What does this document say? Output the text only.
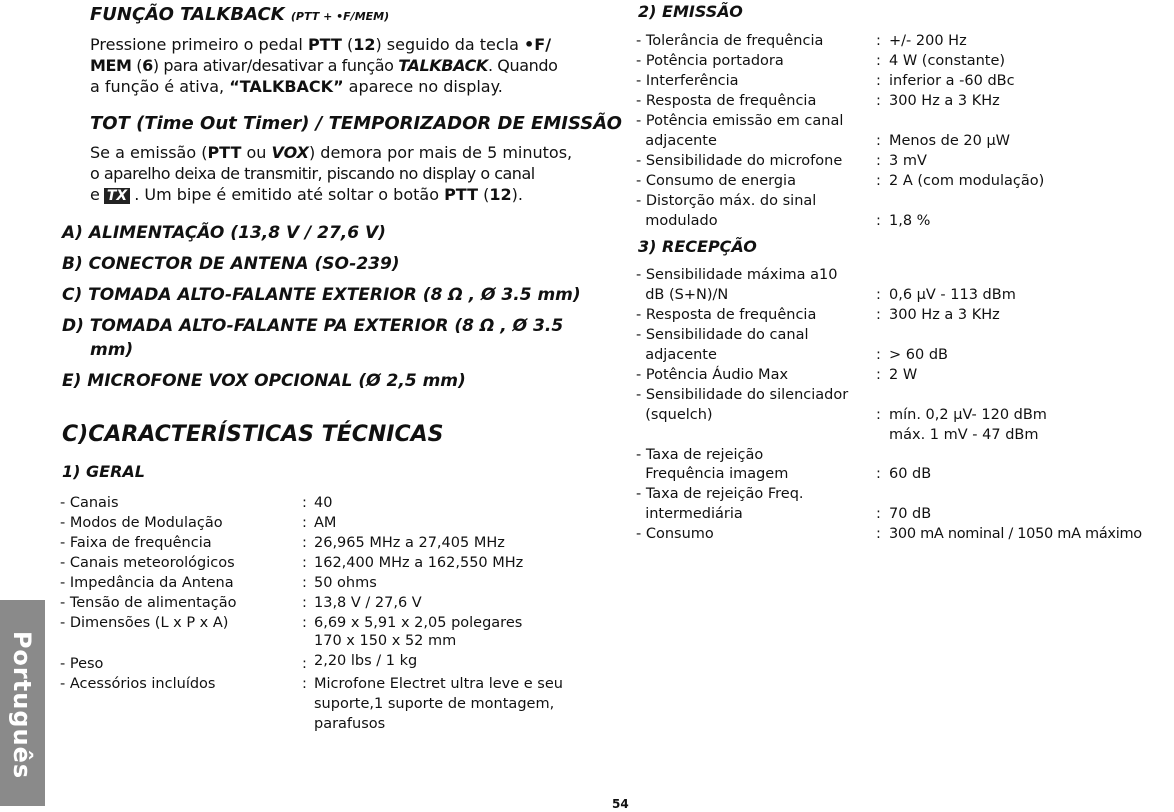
FUNÇÃO TALKBACK (PTT + •F/MEM)
Pressione primeiro o pedal PTT (12) seguido da tecla •F/
MEM (6) para ativar/desativar a função TALKBACK. Quando
a função é ativa, “TALKBACK” aparece no display.
TOT (Time Out Timer) / TEMPORIZADOR DE EMISSÃO
Se a emissão (PTT ou VOX) demora por mais de 5 minutos,
o aparelho deixa de transmitir, piscando no display o canal
e TX . Um bipe é emitido até soltar o botão PTT (12).
A) ALIMENTAÇÃO (13,8 V / 27,6 V)
B) CONECTOR DE ANTENA (SO-239)
C) TOMADA ALTO-FALANTE EXTERIOR (8 Ω , Ø 3.5 mm)
D) TOMADA ALTO-FALANTE PA EXTERIOR (8 Ω , Ø 3.5
mm)
E) MICROFONE VOX OPCIONAL (Ø 2,5 mm)
C)CARACTERÍSTICAS TÉCNICAS
1) GERAL
- Canais	: 40
- Modos de Modulação	: AM
- Faixa de frequência	: 26,965 MHz a 27,405 MHz
- Canais meteorológicos	: 162,400 MHz a 162,550 MHz
- Impedância da Antena	: 50 ohms
- Tensão de alimentação	: 13,8 V / 27,6 V
- Dimensões (L x P x A)	: 6,69 x 5,91 x 2,05 polegares
170 x 150 x 52 mm
- Peso	: 2,20 lbs / 1 kg
- Acessórios incluídos	: Microfone Electret ultra leve e seu
suporte,1 suporte de montagem,
parafusos
2) EMISSÃO
- Tolerância de frequência	: +/- 200 Hz
- Potência portadora	: 4 W (constante)
- Interferência	: inferior a -60 dBc
- Resposta de frequência	: 300 Hz a 3 KHz
- Potência emissão em canal
adjacente	: Menos de 20 μW
- Sensibilidade do microfone : 3 mV
- Consumo de energia	: 2 A (com modulação)
- Distorção máx. do sinal
modulado	: 1,8 %
3) RECEPÇÃO
- Sensibilidade máxima a10
dB (S+N)/N	: 0,6 μV - 113 dBm
- Resposta de frequência	: 300 Hz a 3 KHz
- Sensibilidade do canal
adjacente	: > 60 dB
- Potência Áudio Max	: 2 W
- Sensibilidade do silenciador
(squelch)	: mín. 0,2 μV- 120 dBm
máx. 1 mV - 47 dBm
- Taxa de rejeição
Frequência imagem	: 60 dB
- Taxa de rejeição Freq.
intermediária	: 70 dB
- Consumo	: 300 mA nominal / 1050 mA máximo
Português
54
